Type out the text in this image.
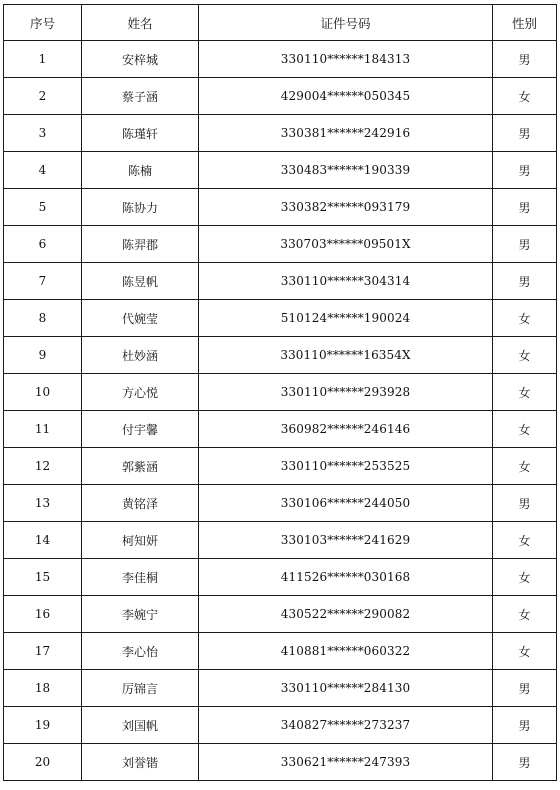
序号	姓名	证件号码	性别
1	安梓城	330110******184313	男
2	蔡子涵	429004******050345	女
3	陈瑾轩	330381******242916	男
4	陈楠	330483******190339	男
5	陈协力	330382******093179	男
6	陈羿郡	330703******09501X	男
7	陈昱帆	330110******304314	男
8	代婉莹	510124******190024	女
9	杜妙涵	330110******16354X	女
10	方心悦	330110******293928	女
11	付宇馨	360982******246146	女
12	郭紫涵	330110******253525	女
13	黄铭泽	330106******244050	男
14	柯知妍	330103******241629	女
15	李佳桐	411526******030168	女
16	李婉宁	430522******290082	女
17	李心怡	410881******060322	女
18	厉锦言	330110******284130	男
19	刘国帆	340827******273237	男
20	刘誉锴	330621******247393	男
